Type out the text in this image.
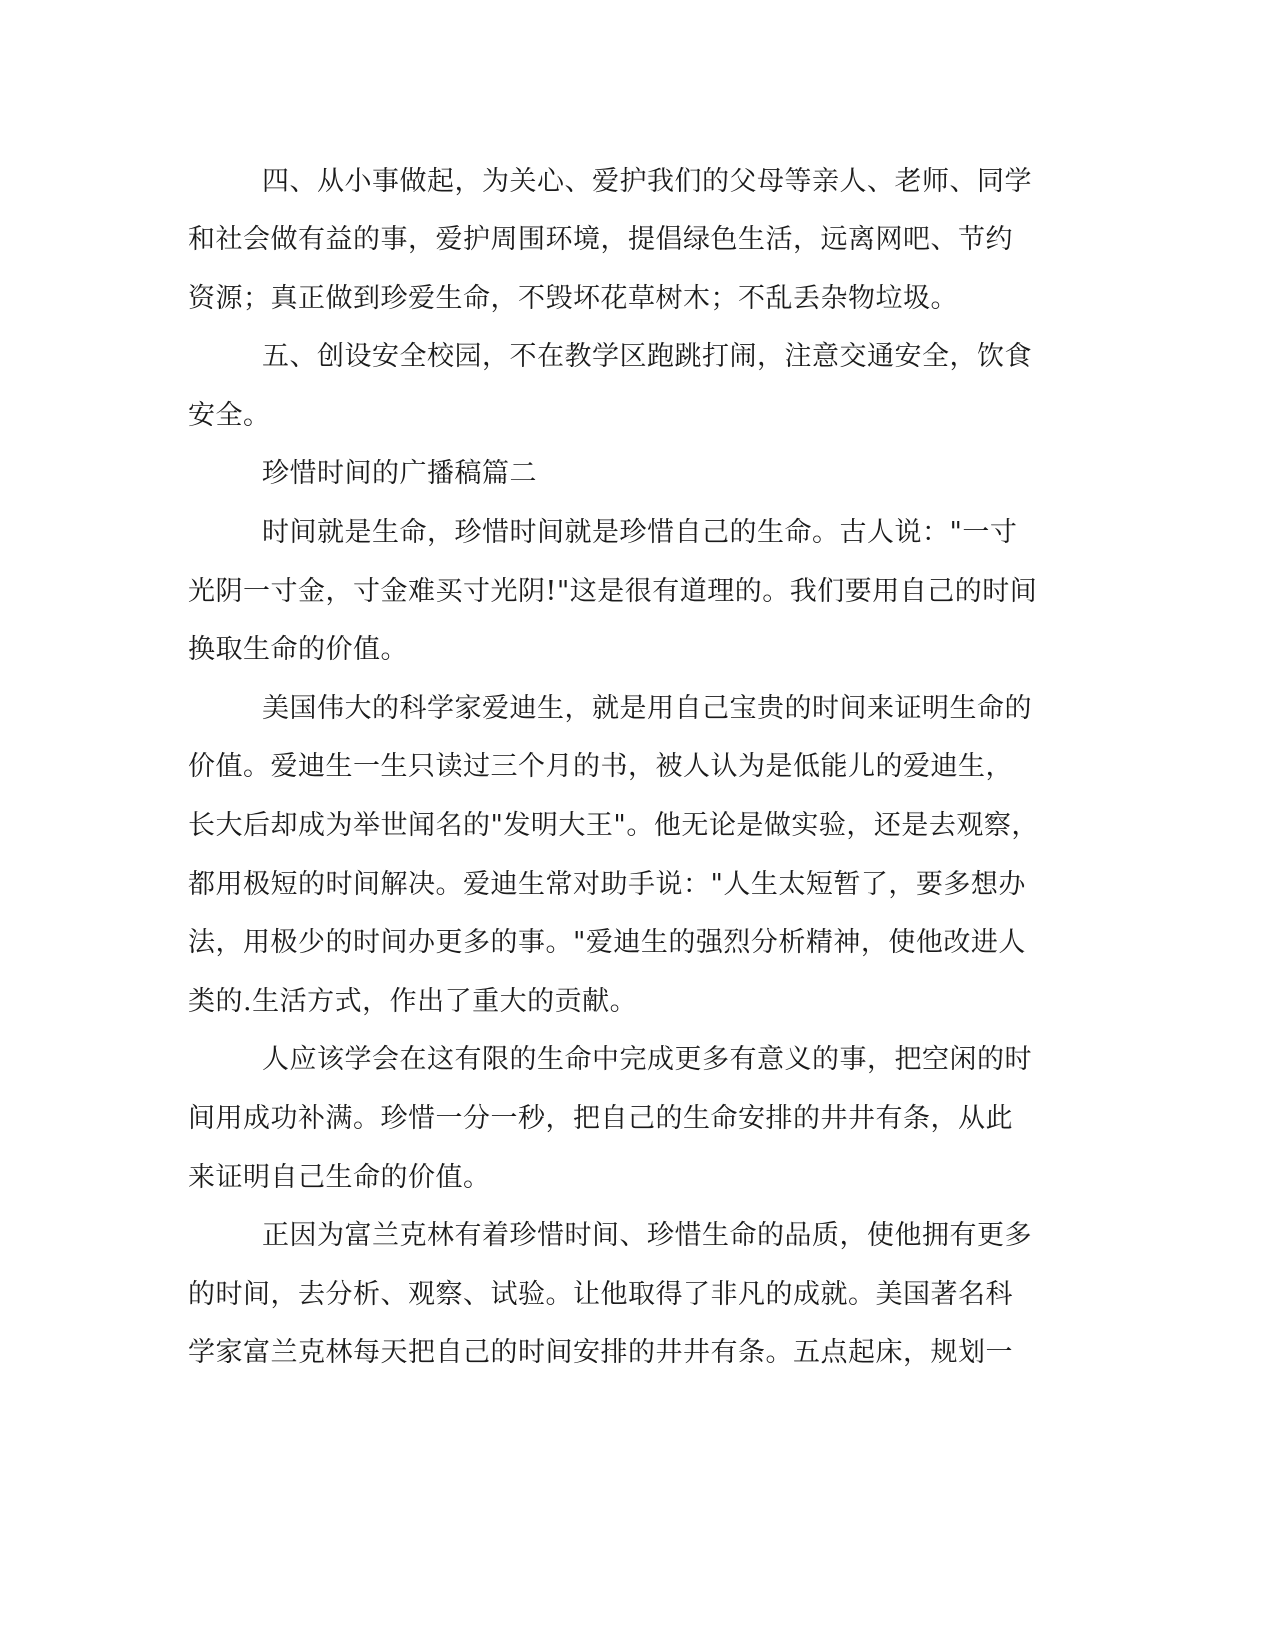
四、从小事做起，为关心、爱护我们的父母等亲人、老师、同学
和社会做有益的事，爱护周围环境，提倡绿色生活，远离网吧、节约
资源；真正做到珍爱生命，不毁坏花草树木；不乱丢杂物垃圾。
五、创设安全校园，不在教学区跑跳打闹，注意交通安全，饮食
安全。
珍惜时间的广播稿篇二
时间就是生命，珍惜时间就是珍惜自己的生命。古人说："一寸
光阴一寸金，寸金难买寸光阴!"这是很有道理的。我们要用自己的时间
换取生命的价值。
美国伟大的科学家爱迪生，就是用自己宝贵的时间来证明生命的
价值。爱迪生一生只读过三个月的书，被人认为是低能儿的爱迪生，
长大后却成为举世闻名的"发明大王"。他无论是做实验，还是去观察，
都用极短的时间解决。爱迪生常对助手说："人生太短暂了，要多想办
法，用极少的时间办更多的事。"爱迪生的强烈分析精神，使他改进人
类的.生活方式，作出了重大的贡献。
人应该学会在这有限的生命中完成更多有意义的事，把空闲的时
间用成功补满。珍惜一分一秒，把自己的生命安排的井井有条，从此
来证明自己生命的价值。
正因为富兰克林有着珍惜时间、珍惜生命的品质，使他拥有更多
的时间，去分析、观察、试验。让他取得了非凡的成就。美国著名科
学家富兰克林每天把自己的时间安排的井井有条。五点起床，规划一
